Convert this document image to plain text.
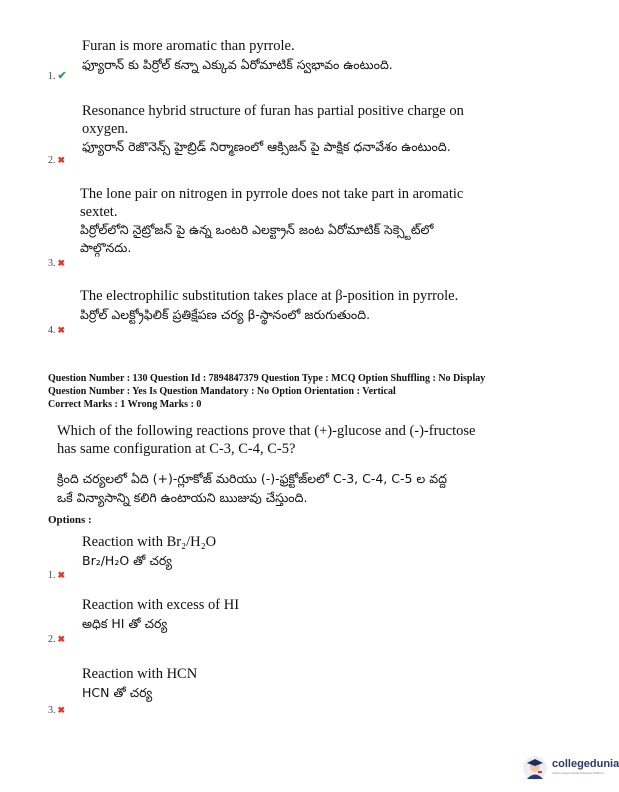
Furan is more aromatic than pyrrole.
ఫ్యూరాన్ కు పిర్రోల్ కన్నా ఎక్కువ ఏరోమాటిక్ స్వభావం ఉంటుంది.
1. ✔
Resonance hybrid structure of furan has partial positive charge on
oxygen.
ఫ్యూరాన్ రెజొనెన్స్ హైబ్రిడ్ నిర్మాణంలో ఆక్సిజన్ పై పాక్షిక ధనావేశం ఉంటుంది.
2. ✖
The lone pair on nitrogen in pyrrole does not take part in aromatic
sextet.
పిర్రోల్‌లోని నైట్రోజన్ పై ఉన్న ఒంటరి ఎలక్ట్రాన్ జంట ఏరోమాటిక్ సెక్స్టెట్‌లో
పాల్గొనదు.
3. ✖
The electrophilic substitution takes place at β-position in pyrrole.
పిర్రోల్ ఎలక్ట్రోఫిలిక్ ప్రతిక్షేపణ చర్య β-స్థానంలో జరుగుతుంది.
4. ✖
Question Number : 130 Question Id : 7894847379 Question Type : MCQ Option Shuffling : No Display
Question Number : Yes Is Question Mandatory : No Option Orientation : Vertical
Correct Marks : 1 Wrong Marks : 0
Which of the following reactions prove that (+)-glucose and (-)-fructose
has same configuration at C-3, C-4, C-5?
క్రింది చర్యలలో ఏది (+)-గ్లూకోజ్ మరియు (-)-ఫ్రక్టోజ్‌లలో C-3, C-4, C-5 ల వద్ద
ఒకే విన్యాసాన్ని కలిగి ఉంటాయని ఋజువు చేస్తుంది.
Options :
Reaction with Br₂/H₂O
Br₂/H₂O తో చర్య
1. ✖
Reaction with excess of HI
అధిక HI తో చర్య
2. ✖
Reaction with HCN
HCN తో చర్య
3. ✖
collegedunia
India's largest Student Review Platform
